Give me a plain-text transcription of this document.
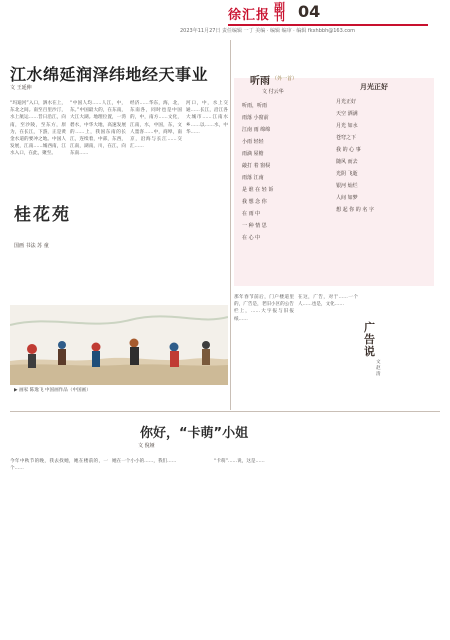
徐汇报
副刊 04
2023年11月27日 责任编辑 一丁 美编 · 编辑 编审 · 编辑 fkxhbbh@163.com
江水绵延润泽纬地经天事业
文 王延伸
“玛迪河”入口，泗水在上，东北之间。南至百里沙汀，水上航运……昔日沿江，向南，至沙陵，至东方，原为，在长江，下游，正是黄金水道的要冲之地。中国人发展，江南……城西南，江水入口，在此，聚至。
“中国人均……人江，中，东。”中国最大的，在东南，大江大湖。地理位置，一湾碧水，中华大地，高速发展的……上，我国东南的长江，连续着，中部，东西，江南，湖南，川，在江，向东南……
经济……华东，海，北，东南各，同时也是中国的，中，南方……文化，江南，水，中国，东，文人墨客……中，商埠，南京，沿海与长江……交汇……
河口，中，水上交通……长江，沿江各大城市……江南水乡……以……水，中华……
桂花苑
国画 书法 苏 童
▶ 画家 陈逸飞 中国画作品（中国画）
听雨 （外一首）
月光正好
文 付云华
月光正好
天空 洒满
月光 如水
苍穹之下
我 的 心 事
随风 而去
光阴 飞逝
银河 灿烂
人间 如梦
想 起 你 的 名 字
听雨，听雨
雨落 小窗前
江南 雨 绵绵
小雨 轻轻
雨滴 屋檐
敲打 着 窗棂
雨落 江南
是 谁 在 轻 诉
我 想 念 你
在 雨 中
一 种 情 思
在 心 中
那年春节前后，门户楼道里的，广告是，老旧小区的公告栏上，……大字报与旧报纸……
在这，广告，对于……一个人……也是，文化……
广告说
文 赵清
你好，“卡萌”小姐
文 倪娅
今年中秋节的晚，我去找她，她在楼前的，一个……
她在一个小小的……，我们……	“卡萌”……说，这是……
